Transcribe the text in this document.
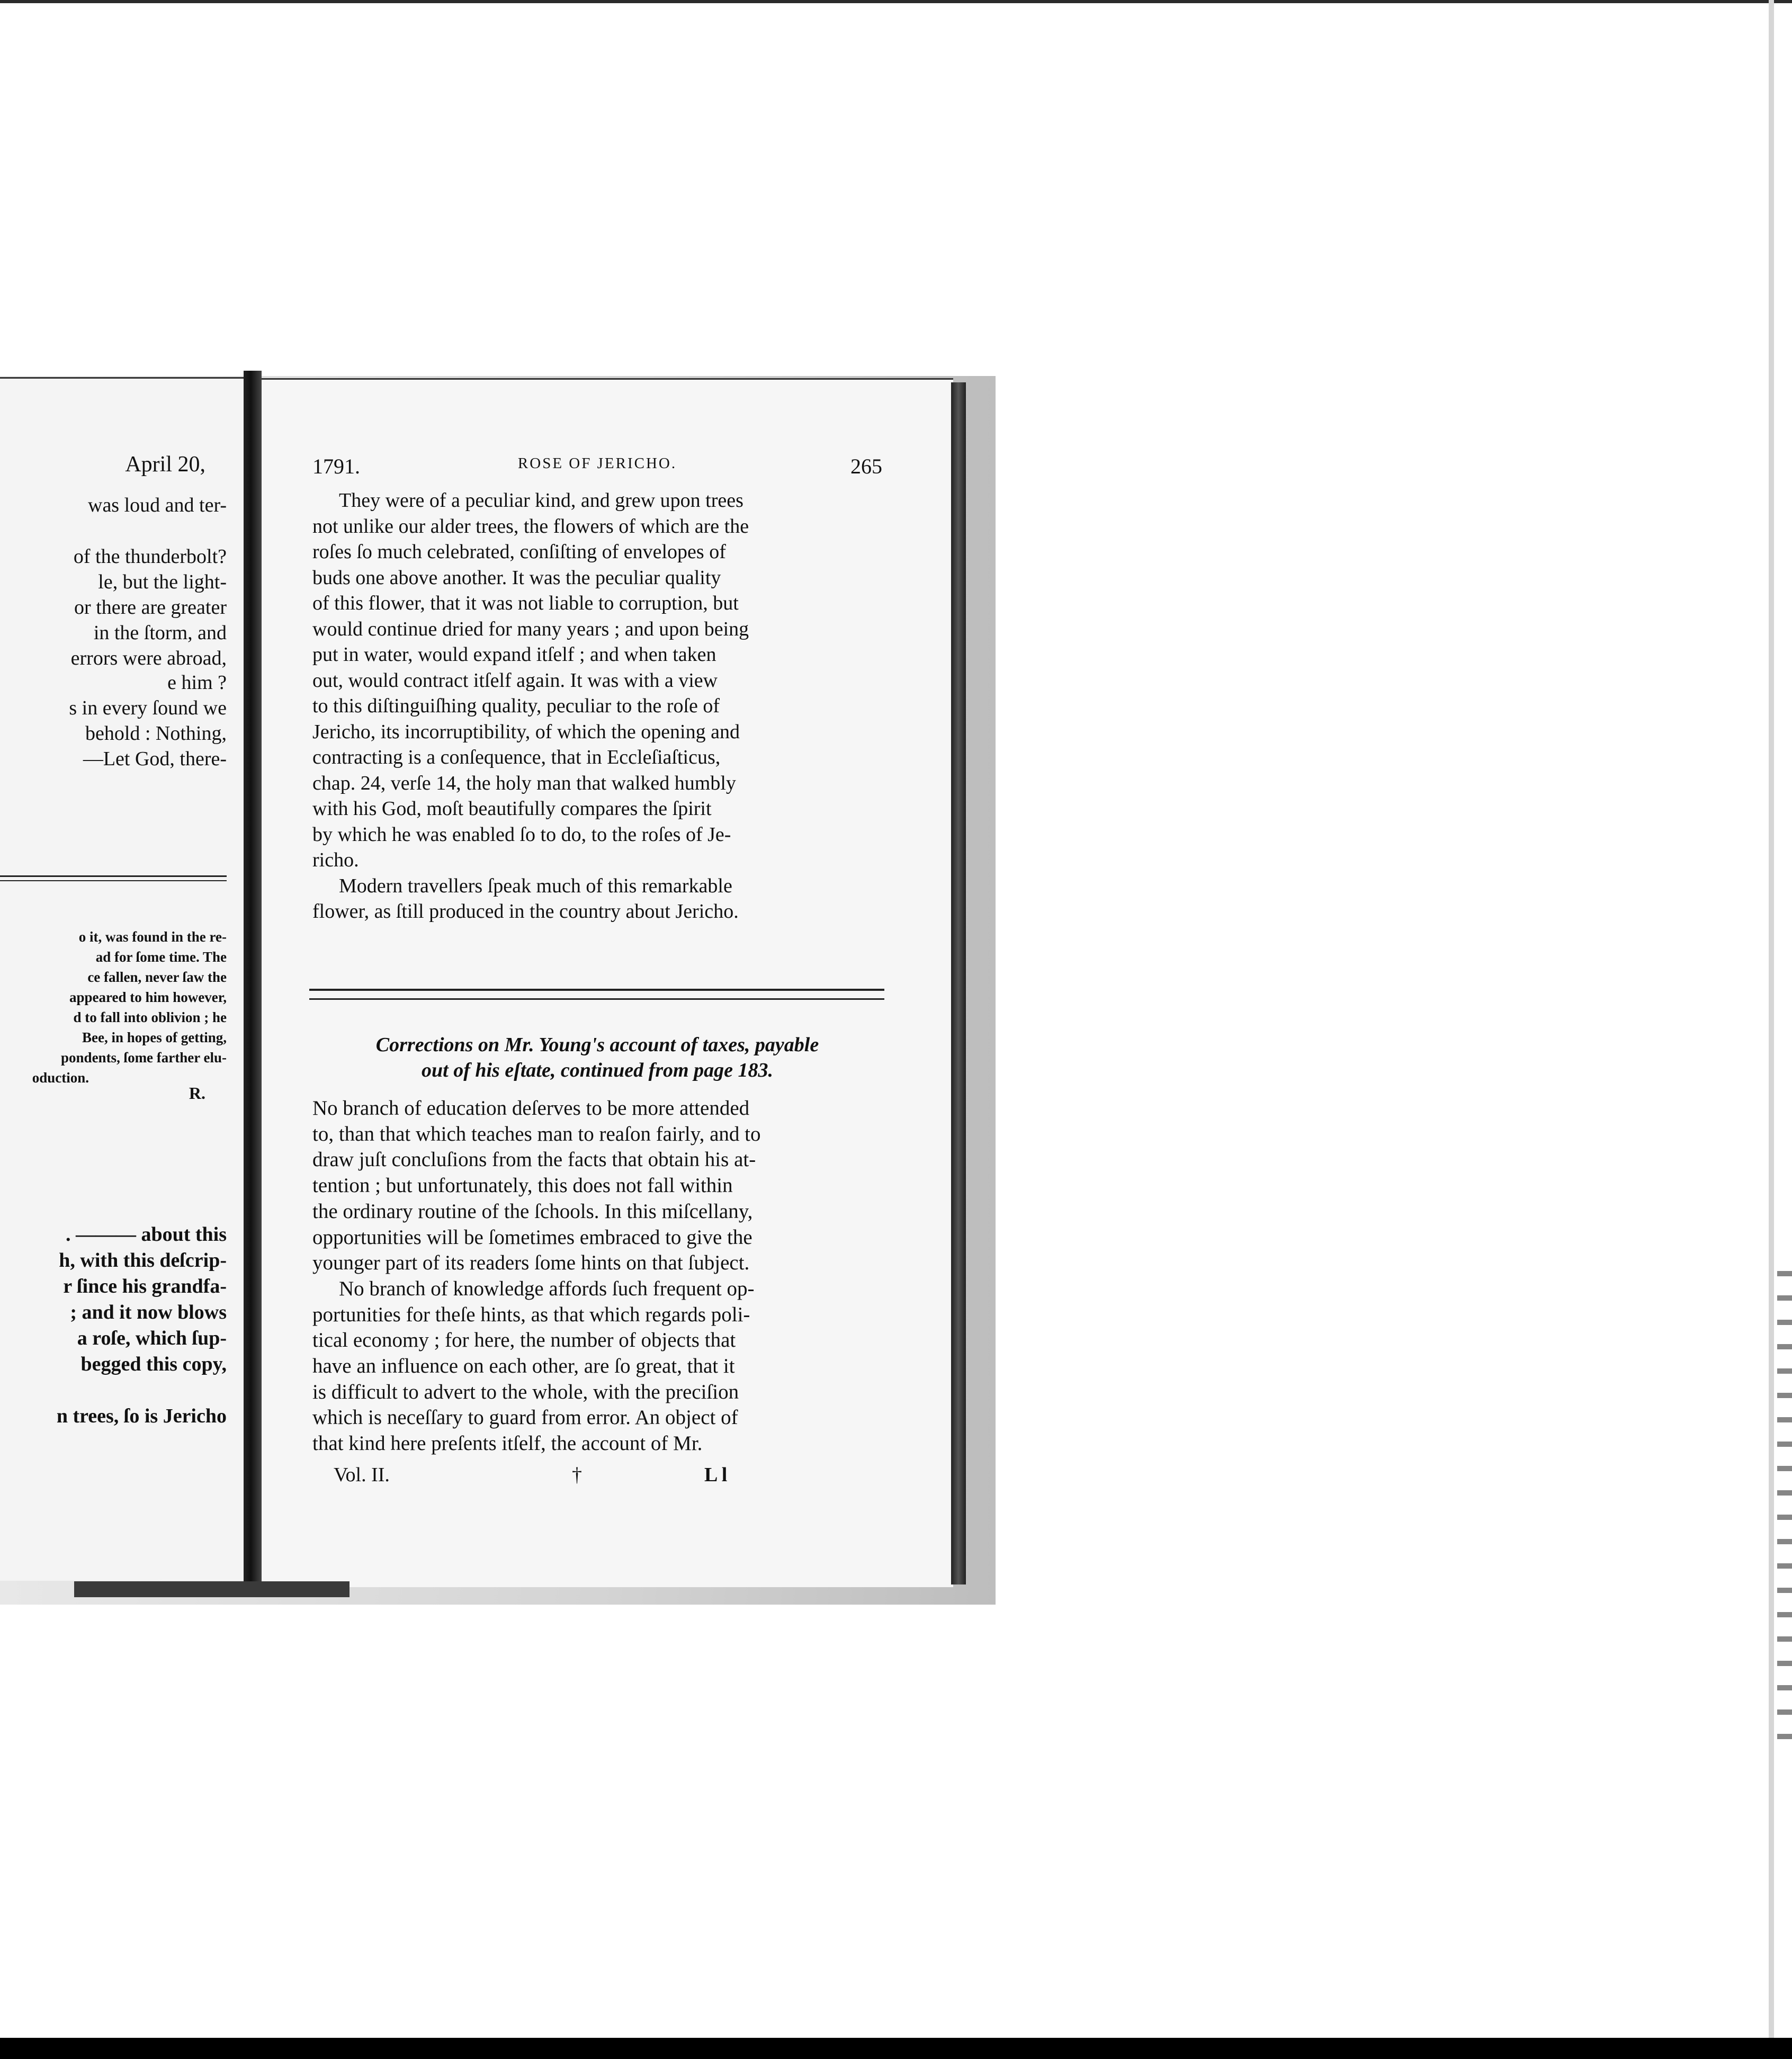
April 20,
was loud and ter-
of the thunderbolt?
le, but the light-
or there are greater
in the ſtorm, and
errors were abroad,
e him ?
s in every ſound we
behold : Nothing,
—Let God, there-
o it, was found in the re-
ad for ſome time. The
ce fallen, never ſaw the
appeared to him however,
d to fall into oblivion ; he
Bee, in hopes of getting,
pondents, ſome farther elu-
oduction.
R.
. ——— about this
h, with this deſcrip-
r ſince his grandfa-
; and it now blows
a roſe, which ſup-
begged this copy,
n trees, ſo is Jericho
1791.	ROSE OF JERICHO.	265
They were of a peculiar kind, and grew upon trees
not unlike our alder trees, the flowers of which are the
roſes ſo much celebrated, conſiſting of envelopes of
buds one above another. It was the peculiar quality
of this flower, that it was not liable to corruption, but
would continue dried for many years ; and upon being
put in water, would expand itſelf ; and when taken
out, would contract itſelf again. It was with a view
to this diſtinguiſhing quality, peculiar to the roſe of
Jericho, its incorruptibility, of which the opening and
contracting is a conſequence, that in Eccleſiaſticus,
chap. 24, verſe 14, the holy man that walked humbly
with his God, moſt beautifully compares the ſpirit
by which he was enabled ſo to do, to the roſes of Je-
richo.
Modern travellers ſpeak much of this remarkable
flower, as ſtill produced in the country about Jericho.
Corrections on Mr. Young's account of taxes, payable
out of his eſtate, continued from page 183.
No branch of education deſerves to be more attended
to, than that which teaches man to reaſon fairly, and to
draw juſt concluſions from the facts that obtain his at-
tention ; but unfortunately, this does not fall within
the ordinary routine of the ſchools. In this miſcellany,
opportunities will be ſometimes embraced to give the
younger part of its readers ſome hints on that ſubject.
No branch of knowledge affords ſuch frequent op-
portunities for theſe hints, as that which regards poli-
tical economy ; for here, the number of objects that
have an influence on each other, are ſo great, that it
is difficult to advert to the whole, with the preciſion
which is neceſſary to guard from error. An object of
that kind here preſents itſelf, the account of Mr.
Vol. II.	†	L l
